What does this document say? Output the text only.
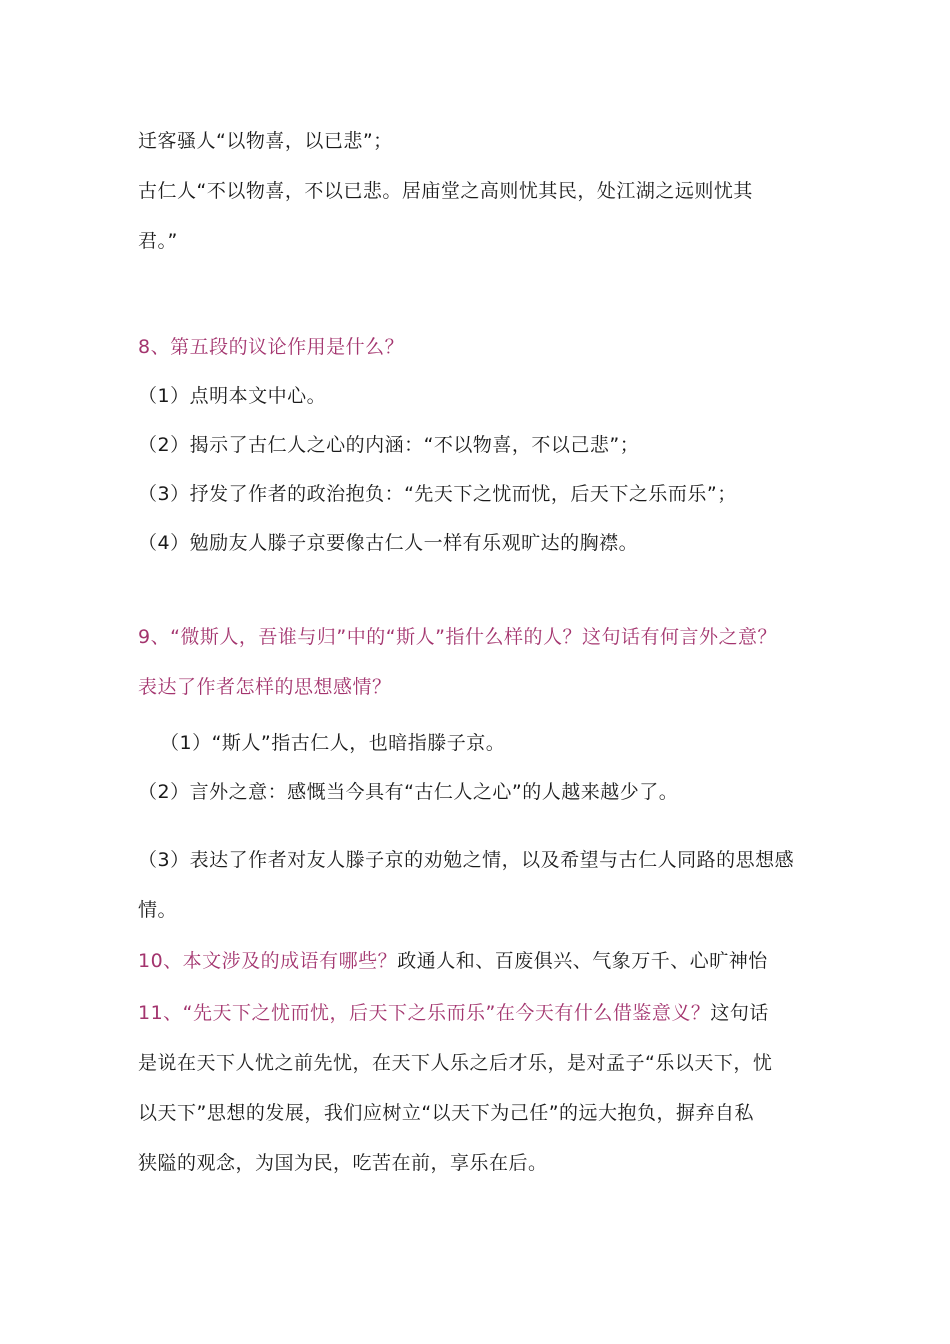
迁客骚人“以物喜，以已悲”；
古仁人“不以物喜，不以已悲。居庙堂之高则忧其民，处江湖之远则忧其
君。”
8、第五段的议论作用是什么？
（1）点明本文中心。
（2）揭示了古仁人之心的内涵：“不以物喜，不以己悲”；
（3）抒发了作者的政治抱负：“先天下之忧而忧，后天下之乐而乐”；
（4）勉励友人滕子京要像古仁人一样有乐观旷达的胸襟。
9、“微斯人，吾谁与归”中的“斯人”指什么样的人？这句话有何言外之意？
表达了作者怎样的思想感情？
（1）“斯人”指古仁人，也暗指滕子京。
（2）言外之意：感慨当今具有“古仁人之心”的人越来越少了。
（3）表达了作者对友人滕子京的劝勉之情，以及希望与古仁人同路的思想感
情。
10、本文涉及的成语有哪些？政通人和、百废俱兴、气象万千、心旷神怡
11、“先天下之忧而忧，后天下之乐而乐”在今天有什么借鉴意义？这句话
是说在天下人忧之前先忧，在天下人乐之后才乐，是对孟子“乐以天下，忧
以天下”思想的发展，我们应树立“以天下为己任”的远大抱负，摒弃自私
狭隘的观念，为国为民，吃苦在前，享乐在后。
